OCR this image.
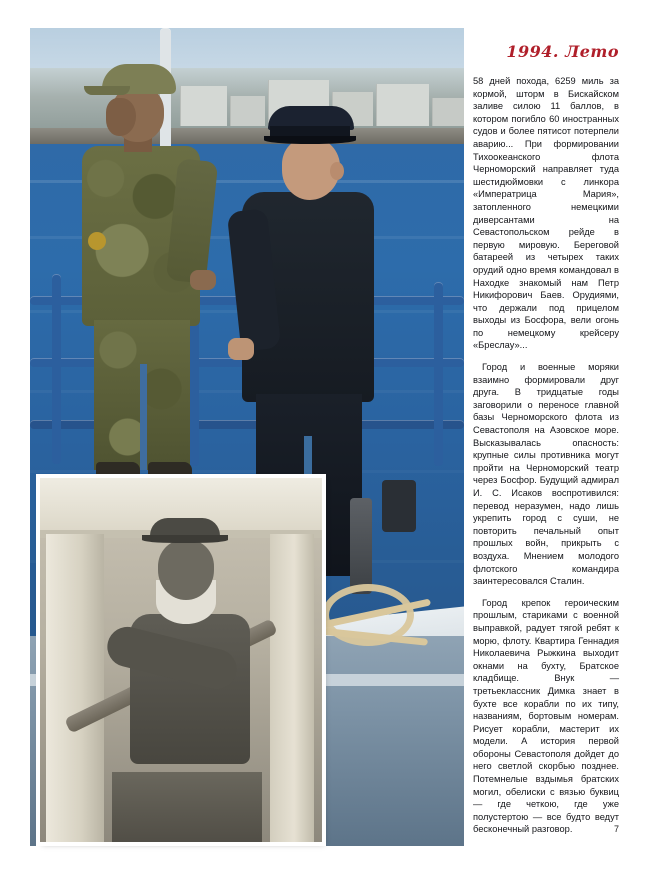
1994. Лето

58 дней похода, 6259 миль за кормой, шторм в Бискайском заливе силою 11 баллов, в котором погибло 60 иностранных судов и более пятисот потерпели аварию... При формировании Тихоокеанского флота Черноморский направляет туда шестидюймовки с линкора «Императрица Мария», затопленного немецкими диверсантами на Севастопольском рейде в первую мировую. Береговой батареей из четырех таких орудий одно время командовал в Находке знакомый нам Петр Никифорович Баев. Орудиями, что держали под прицелом выходы из Босфора, вели огонь по немецкому крейсеру «Бреслау»...

Город и военные моряки взаимно формировали друг друга. В тридцатые годы заговорили о переносе главной базы Черноморского флота из Севастополя на Азовское море. Высказывалась опасность: крупные силы противника могут пройти на Черноморский театр через Босфор. Будущий адмирал И. С. Исаков воспротивился: перевод неразумен, надо лишь укрепить город с суши, не повторить печальный опыт прошлых войн, прикрыть с воздуха. Мнением молодого флотского командира заинтересовался Сталин.

Город крепок героическим прошлым, стариками с военной выправкой, радует тягой ребят к морю, флоту. Квартира Геннадия Николаевича Рыжкина выходит окнами на бухту, Братское кладбище. Внук — третьеклассник Димка знает в бухте все корабли по их типу, названиям, бортовым номерам. Рисует корабли, мастерит их модели. А история первой обороны Севастополя дойдет до него светлой скорбью позднее. Потемнелые вздымья братских могил, обелиски с вязью буквиц — где четкою, где уже полустертою — все будто ведут бесконечный разговор.	7
